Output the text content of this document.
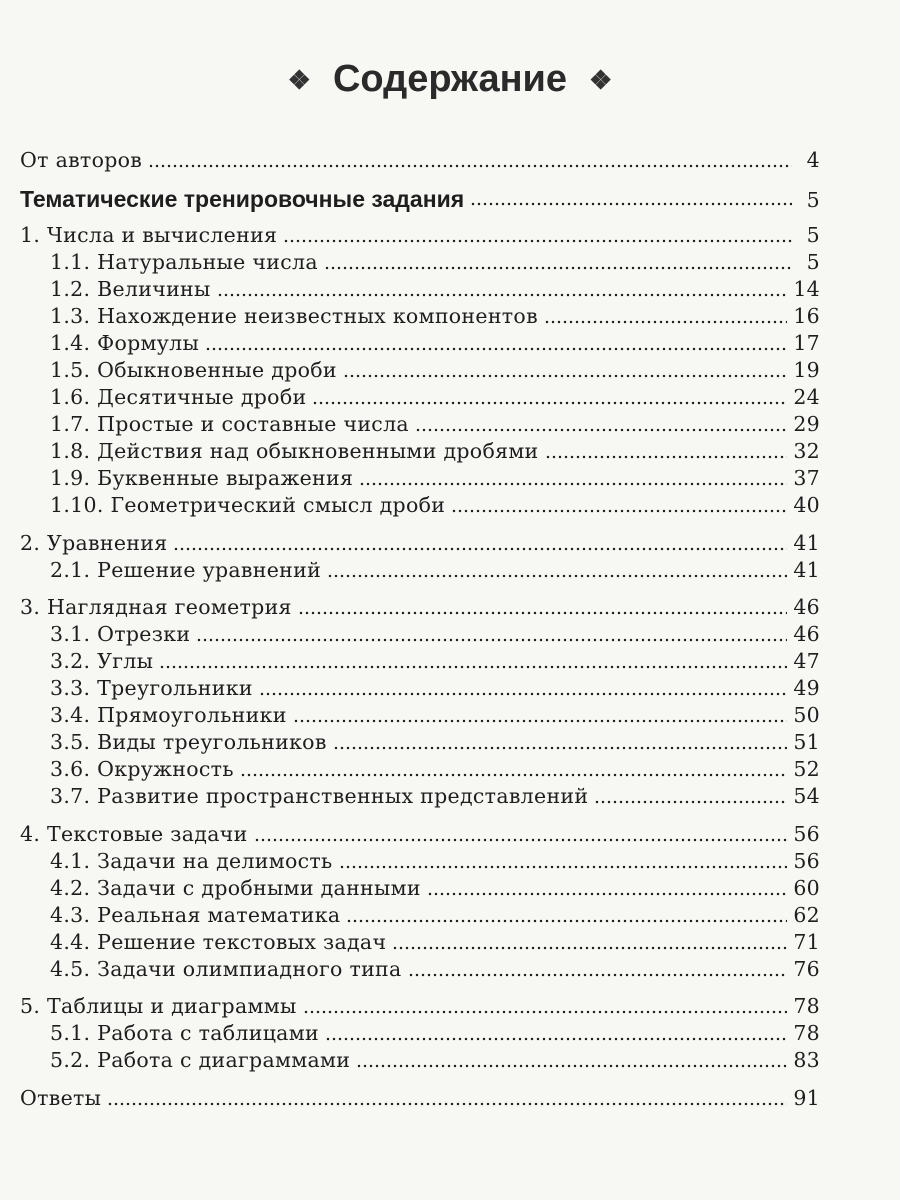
❖ Содержание ❖
От авторов	4
Тематические тренировочные задания	5
1. Числа и вычисления	5
1.1. Натуральные числа	5
1.2. Величины	14
1.3. Нахождение неизвестных компонентов	16
1.4. Формулы	17
1.5. Обыкновенные дроби	19
1.6. Десятичные дроби	24
1.7. Простые и составные числа	29
1.8. Действия над обыкновенными дробями	32
1.9. Буквенные выражения	37
1.10. Геометрический смысл дроби	40
2. Уравнения	41
2.1. Решение уравнений	41
3. Наглядная геометрия	46
3.1. Отрезки	46
3.2. Углы	47
3.3. Треугольники	49
3.4. Прямоугольники	50
3.5. Виды треугольников	51
3.6. Окружность	52
3.7. Развитие пространственных представлений	54
4. Текстовые задачи	56
4.1. Задачи на делимость	56
4.2. Задачи с дробными данными	60
4.3. Реальная математика	62
4.4. Решение текстовых задач	71
4.5. Задачи олимпиадного типа	76
5. Таблицы и диаграммы	78
5.1. Работа с таблицами	78
5.2. Работа с диаграммами	83
Ответы	91
